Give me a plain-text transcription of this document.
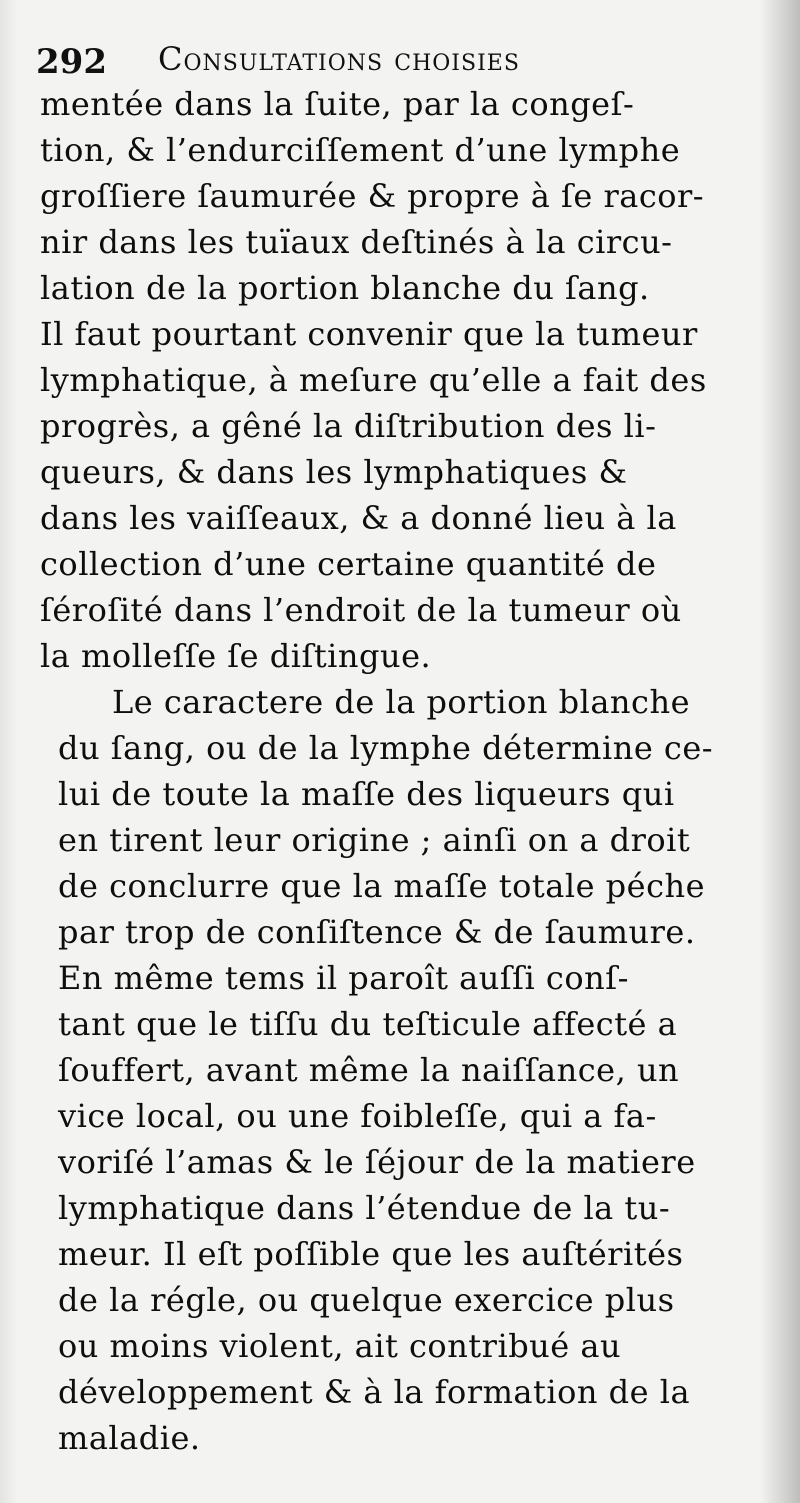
292 Consultations choisies
mentée dans la ſuite, par la congeſ-
tion, & l’endurciſſement d’une lymphe
groſſiere ſaumurée & propre à ſe racor-
nir dans les tuïaux deſtinés à la circu-
lation de la portion blanche du ſang.
Il faut pourtant convenir que la tumeur
lymphatique, à meſure qu’elle a fait des
progrès, a gêné la diſtribution des li-
queurs, & dans les lymphatiques &
dans les vaiſſeaux, & a donné lieu à la
collection d’une certaine quantité de
ſéroſité dans l’endroit de la tumeur où
la molleſſe ſe diſtingue.
Le caractere de la portion blanche
du ſang, ou de la lymphe détermine ce-
lui de toute la maſſe des liqueurs qui
en tirent leur origine ; ainſi on a droit
de conclurre que la maſſe totale péche
par trop de conſiſtence & de ſaumure.
En même tems il paroît auſſi conſ-
tant que le tiſſu du teſticule affecté a
ſouffert, avant même la naiſſance, un
vice local, ou une foibleſſe, qui a fa-
voriſé l’amas & le ſéjour de la matiere
lymphatique dans l’étendue de la tu-
meur. Il eſt poſſible que les auſtérités
de la régle, ou quelque exercice plus
ou moins violent, ait contribué au
développement & à la formation de la
maladie.
